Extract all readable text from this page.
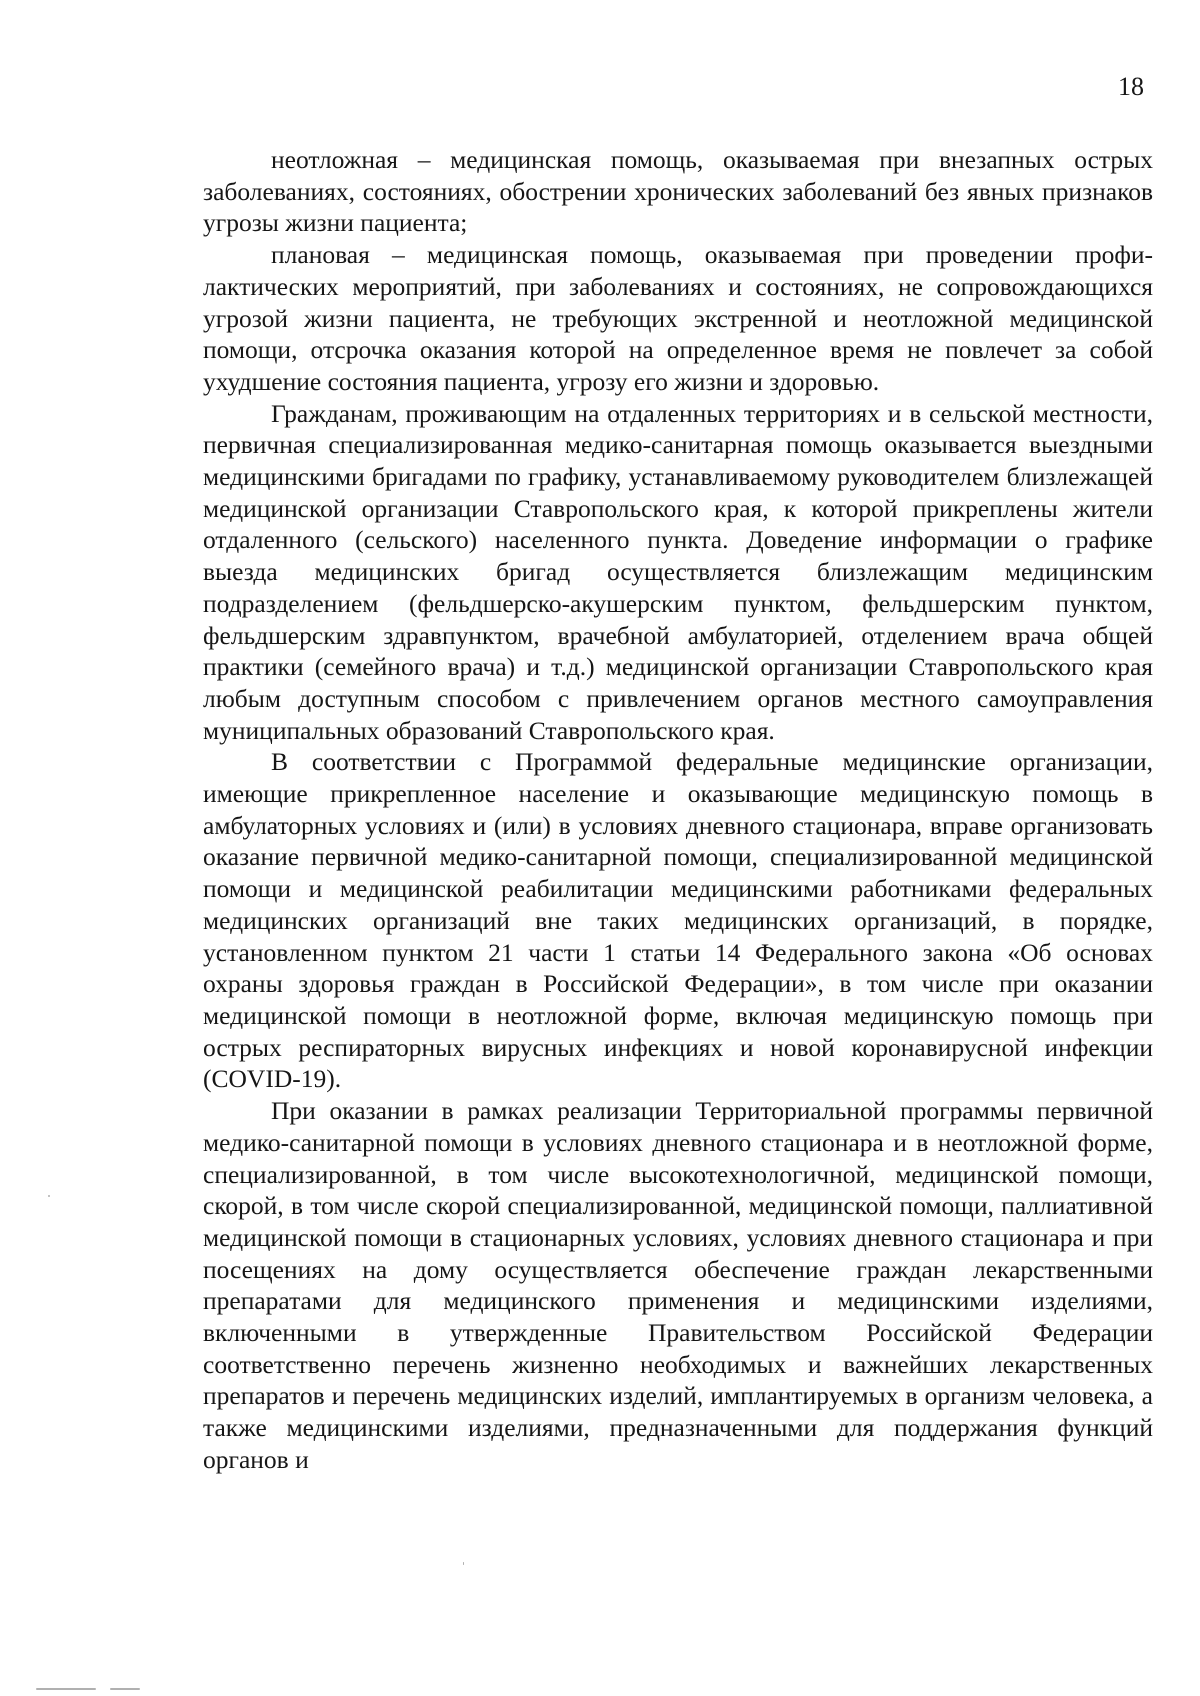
18

неотложная – медицинская помощь, оказываемая при внезапных острых заболеваниях, состояниях, обострении хронических заболеваний без явных признаков угрозы жизни пациента;

плановая – медицинская помощь, оказываемая при проведении профилактических мероприятий, при заболеваниях и состояниях, не сопровождающихся угрозой жизни пациента, не требующих экстренной и неотложной медицинской помощи, отсрочка оказания которой на определенное время не повлечет за собой ухудшение состояния пациента, угрозу его жизни и здоровью.

Гражданам, проживающим на отдаленных территориях и в сельской местности, первичная специализированная медико-санитарная помощь оказывается выездными медицинскими бригадами по графику, устанавливаемому руководителем близлежащей медицинской организации Ставропольского края, к которой прикреплены жители отдаленного (сельского) населенного пункта. Доведение информации о графике выезда медицинских бригад осуществляется близлежащим медицинским подразделением (фельдшерско-акушерским пунктом, фельдшерским пунктом, фельдшерским здравпунктом, врачебной амбулаторией, отделением врача общей практики (семейного врача) и т.д.) медицинской организации Ставропольского края любым доступным способом с привлечением органов местного самоуправления муниципальных образований Ставропольского края.

В соответствии с Программой федеральные медицинские организации, имеющие прикрепленное население и оказывающие медицинскую помощь в амбулаторных условиях и (или) в условиях дневного стационара, вправе организовать оказание первичной медико-санитарной помощи, специализированной медицинской помощи и медицинской реабилитации медицинскими работниками федеральных медицинских организаций вне таких медицинских организаций, в порядке, установленном пунктом 21 части 1 статьи 14 Федерального закона «Об основах охраны здоровья граждан в Российской Федерации», в том числе при оказании медицинской помощи в неотложной форме, включая медицинскую помощь при острых респираторных вирусных инфекциях и новой коронавирусной инфекции (COVID-19).

При оказании в рамках реализации Территориальной программы первичной медико-санитарной помощи в условиях дневного стационара и в неотложной форме, специализированной, в том числе высокотехнологичной, медицинской помощи, скорой, в том числе скорой специализированной, медицинской помощи, паллиативной медицинской помощи в стационарных условиях, условиях дневного стационара и при посещениях на дому осуществляется обеспечение граждан лекарственными препаратами для медицинского применения и медицинскими изделиями, включенными в утвержденные Правительством Российской Федерации соответственно перечень жизненно необходимых и важнейших лекарственных препаратов и перечень медицинских изделий, имплантируемых в организм человека, а также медицинскими изделиями, предназначенными для поддержания функций органов и
